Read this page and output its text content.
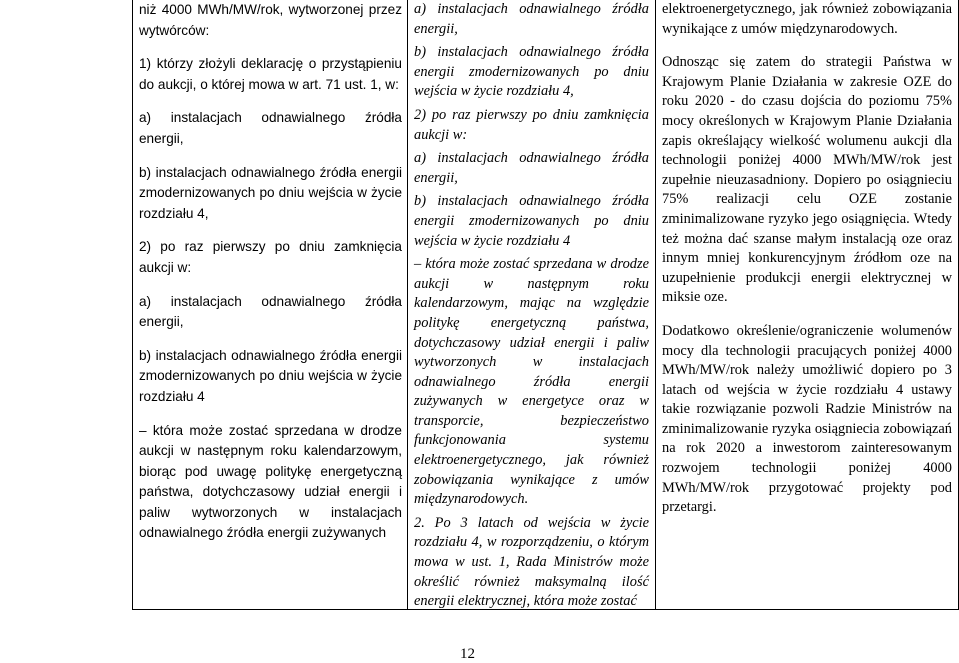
niż 4000 MWh/MW/rok, wytworzonej przez wytwórców:

1) którzy złożyli deklarację o przystąpieniu do aukcji, o której mowa w art. 71 ust. 1, w:

a) instalacjach odnawialnego źródła energii,

b) instalacjach odnawialnego źródła energii zmodernizowanych po dniu wejścia w życie rozdziału 4,

2) po raz pierwszy po dniu zamknięcia aukcji w:

a) instalacjach odnawialnego źródła energii,

b) instalacjach odnawialnego źródła energii zmodernizowanych po dniu wejścia w życie rozdziału 4

– która może zostać sprzedana w drodze aukcji w następnym roku kalendarzowym, biorąc pod uwagę politykę energetyczną państwa, dotychczasowy udział energii i paliw wytworzonych w instalacjach odnawialnego źródła energii zużywanych

a) instalacjach odnawialnego źródła energii,

b) instalacjach odnawialnego źródła energii zmodernizowanych po dniu wejścia w życie rozdziału 4,

2) po raz pierwszy po dniu zamknięcia aukcji w:

a) instalacjach odnawialnego źródła energii,

b) instalacjach odnawialnego źródła energii zmodernizowanych po dniu wejścia w życie rozdziału 4

– która może zostać sprzedana w drodze aukcji w następnym roku kalendarzowym, mając na względzie politykę energetyczną państwa, dotychczasowy udział energii i paliw wytworzonych w instalacjach odnawialnego źródła energii zużywanych w energetyce oraz w transporcie, bezpieczeństwo funkcjonowania systemu elektroenergetycznego, jak również zobowiązania wynikające z umów międzynarodowych.

2. Po 3 latach od wejścia w życie rozdziału 4, w rozporządzeniu, o którym mowa w ust. 1, Rada Ministrów może określić również maksymalną ilość energii elektrycznej, która może zostać

elektroenergetycznego, jak również zobowiązania wynikające z umów międzynarodowych.

Odnosząc się zatem do strategii Państwa w Krajowym Planie Działania w zakresie OZE do roku 2020 - do czasu dojścia do poziomu 75% mocy określonych w Krajowym Planie Działania zapis określający wielkość wolumenu aukcji dla technologii poniżej 4000 MWh/MW/rok jest zupełnie nieuzasadniony. Dopiero po osiągnieciu 75% realizacji celu OZE zostanie zminimalizowane ryzyko jego osiągnięcia. Wtedy też można dać szanse małym instalacją oze oraz innym mniej konkurencyjnym źródłom oze na uzupełnienie produkcji energii elektrycznej w miksie oze.

Dodatkowo określenie/ograniczenie wolumenów mocy dla technologii pracujących poniżej 4000 MWh/MW/rok należy umożliwić dopiero po 3 latach od wejścia w życie rozdziału 4 ustawy takie rozwiązanie pozwoli Radzie Ministrów na zminimalizowanie ryzyka osiągniecia zobowiązań na rok 2020 a inwestorom zainteresowanym rozwojem technologii poniżej 4000 MWh/MW/rok przygotować projekty pod przetargi.

12
